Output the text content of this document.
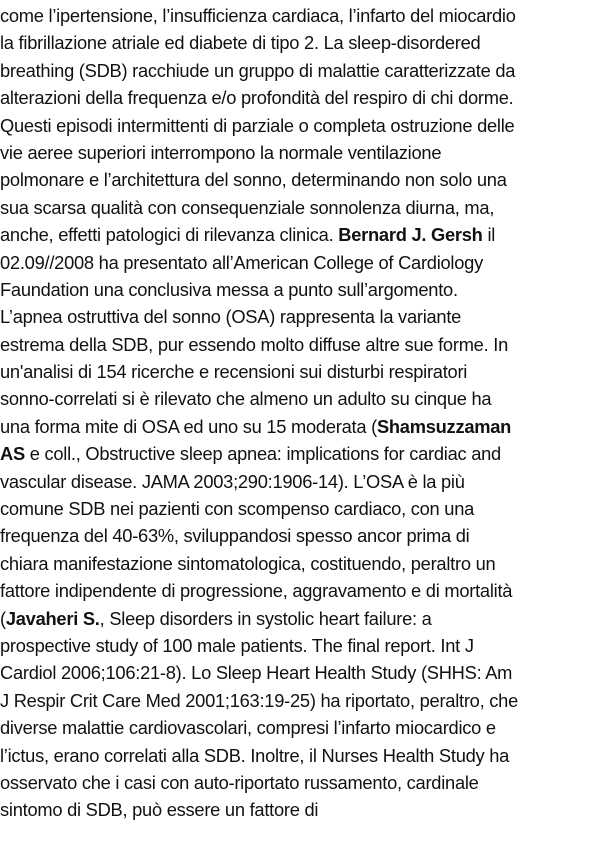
come l’ipertensione, l’insufficienza cardiaca, l’infarto del miocardio
la fibrillazione atriale ed diabete di tipo 2. La sleep-disordered
breathing (SDB) racchiude un gruppo di malattie caratterizzate da
alterazioni della frequenza e/o profondità del respiro di chi dorme.
Questi episodi intermittenti di parziale o completa ostruzione delle
vie aeree superiori interrompono la normale ventilazione
polmonare e l’architettura del sonno, determinando non solo una
sua scarsa qualità con consequenziale sonnolenza diurna, ma,
anche, effetti patologici di rilevanza clinica. Bernard J. Gersh il
02.09//2008 ha presentato all’American College of Cardiology
Faundation una conclusiva messa a punto sull’argomento.
L’apnea ostruttiva del sonno (OSA) rappresenta la variante
estrema della SDB, pur essendo molto diffuse altre sue forme. In
un'analisi di 154 ricerche e recensioni sui disturbi respiratori
sonno-correlati si è rilevato che almeno un adulto su cinque ha
una forma mite di OSA ed uno su 15 moderata (Shamsuzzaman
AS e coll., Obstructive sleep apnea: implications for cardiac and
vascular disease. JAMA 2003;290:1906-14). L’OSA è la più
comune SDB nei pazienti con scompenso cardiaco, con una
frequenza del 40-63%, sviluppandosi spesso ancor prima di
chiara manifestazione sintomatologica, costituendo, peraltro un
fattore indipendente di progressione, aggravamento e di mortalità
(Javaheri S., Sleep disorders in systolic heart failure: a
prospective study of 100 male patients. The final report. Int J
Cardiol 2006;106:21-8). Lo Sleep Heart Health Study (SHHS: Am
J Respir Crit Care Med 2001;163:19-25) ha riportato, peraltro, che
diverse malattie cardiovascolari, compresi l’infarto miocardico e
l’ictus, erano correlati alla SDB. Inoltre, il Nurses Health Study ha
osservato che i casi con auto-riportato russamento, cardinale
sintomo di SDB, può essere un fattore di
